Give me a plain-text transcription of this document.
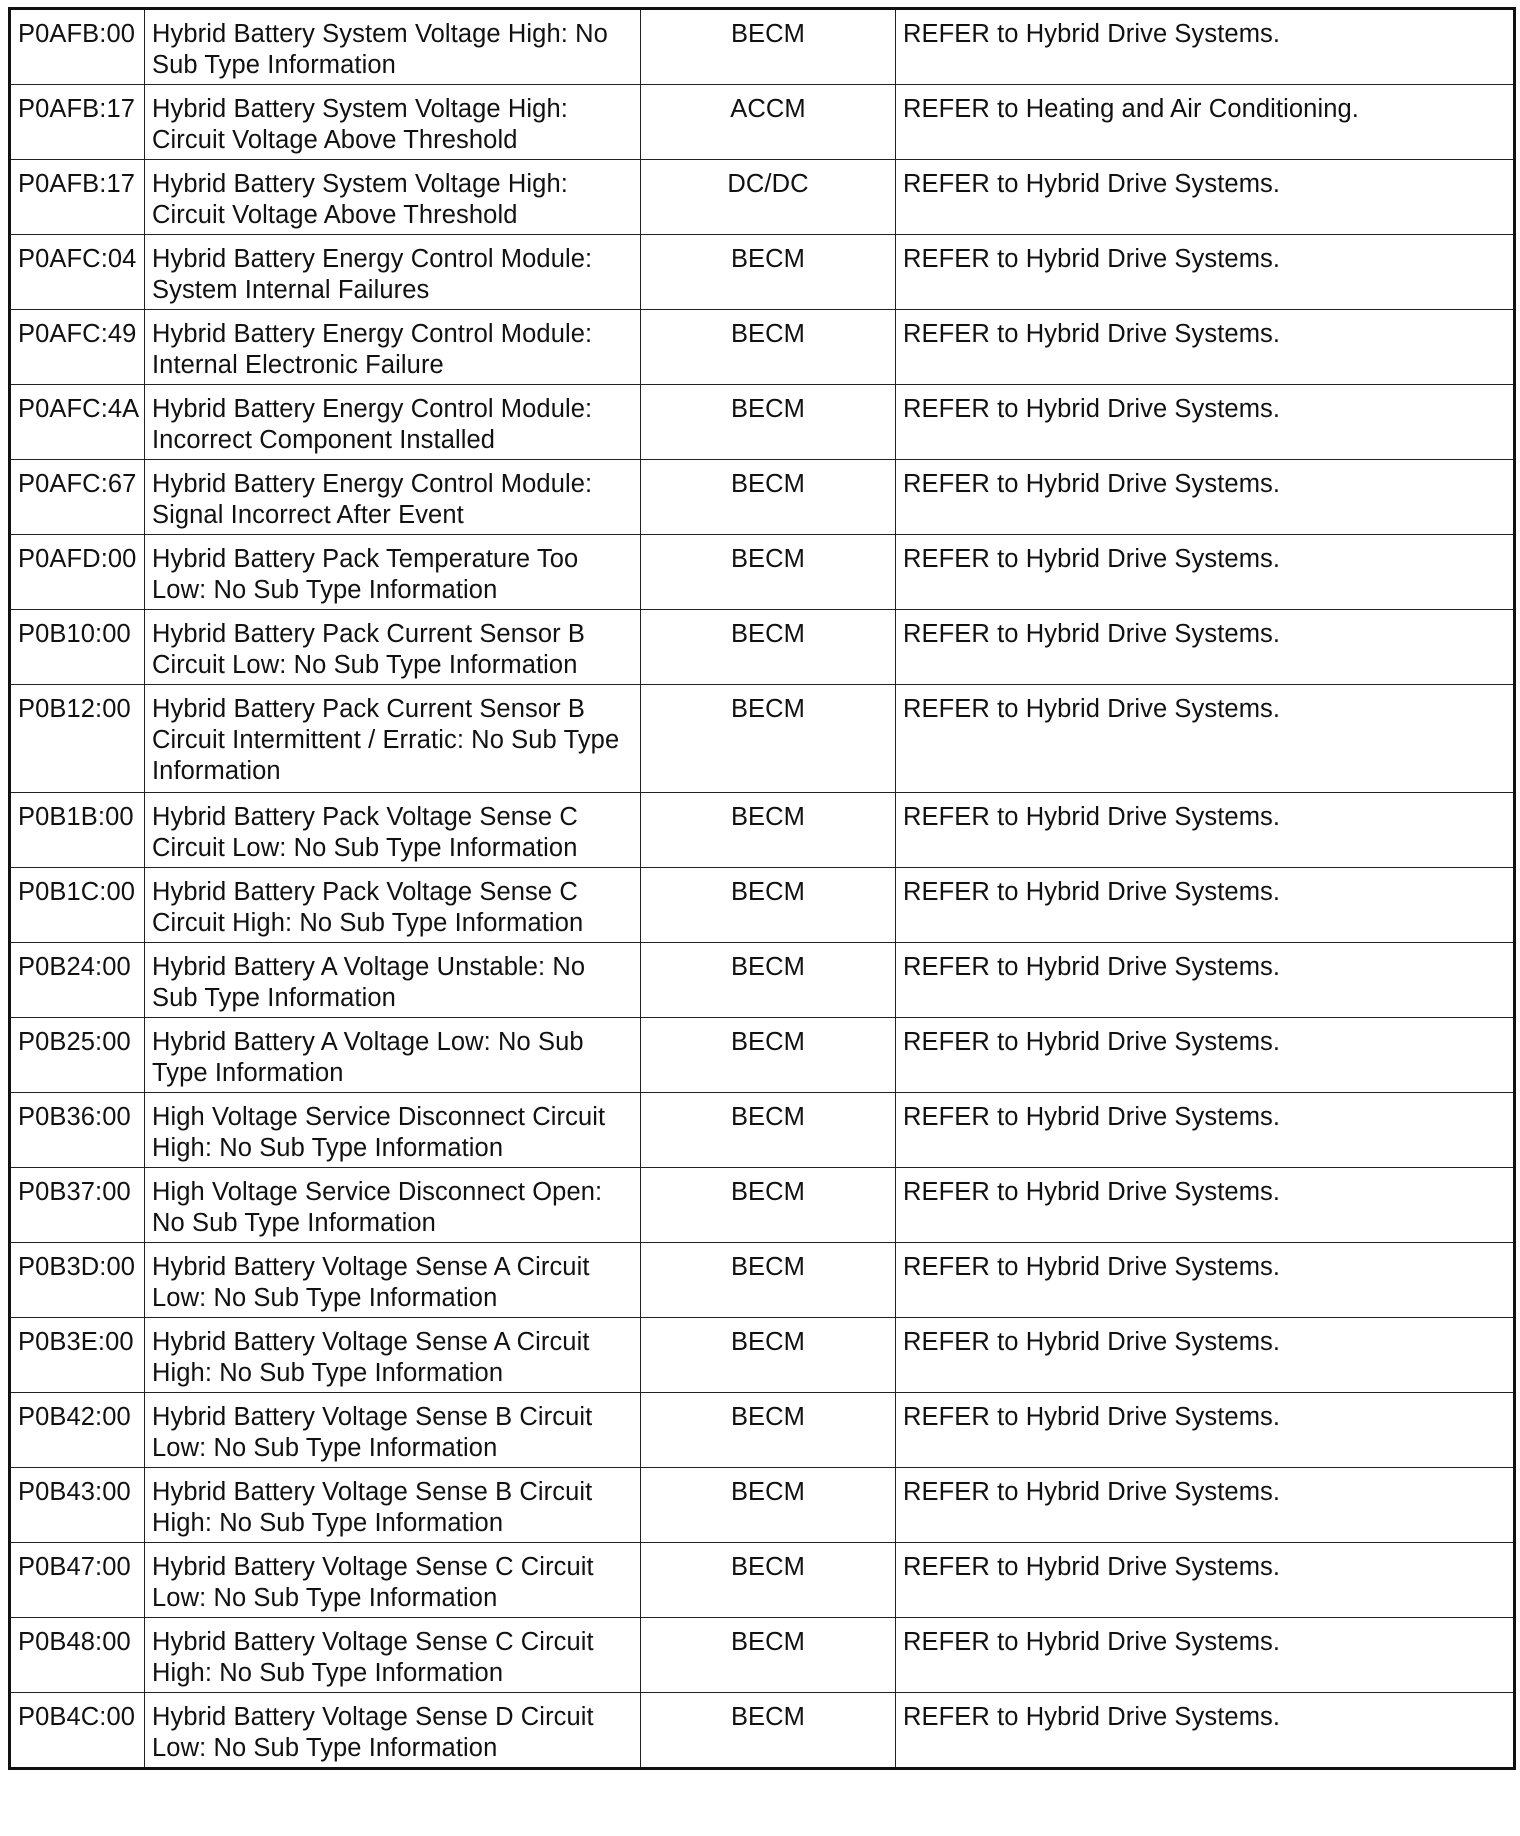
P0AFB:00	Hybrid Battery System Voltage High: No Sub Type Information	BECM	REFER to Hybrid Drive Systems.
P0AFB:17	Hybrid Battery System Voltage High: Circuit Voltage Above Threshold	ACCM	REFER to Heating and Air Conditioning.
P0AFB:17	Hybrid Battery System Voltage High: Circuit Voltage Above Threshold	DC/DC	REFER to Hybrid Drive Systems.
P0AFC:04	Hybrid Battery Energy Control Module: System Internal Failures	BECM	REFER to Hybrid Drive Systems.
P0AFC:49	Hybrid Battery Energy Control Module: Internal Electronic Failure	BECM	REFER to Hybrid Drive Systems.
P0AFC:4A	Hybrid Battery Energy Control Module: Incorrect Component Installed	BECM	REFER to Hybrid Drive Systems.
P0AFC:67	Hybrid Battery Energy Control Module: Signal Incorrect After Event	BECM	REFER to Hybrid Drive Systems.
P0AFD:00	Hybrid Battery Pack Temperature Too Low: No Sub Type Information	BECM	REFER to Hybrid Drive Systems.
P0B10:00	Hybrid Battery Pack Current Sensor B Circuit Low: No Sub Type Information	BECM	REFER to Hybrid Drive Systems.
P0B12:00	Hybrid Battery Pack Current Sensor B Circuit Intermittent / Erratic: No Sub Type Information	BECM	REFER to Hybrid Drive Systems.
P0B1B:00	Hybrid Battery Pack Voltage Sense C Circuit Low: No Sub Type Information	BECM	REFER to Hybrid Drive Systems.
P0B1C:00	Hybrid Battery Pack Voltage Sense C Circuit High: No Sub Type Information	BECM	REFER to Hybrid Drive Systems.
P0B24:00	Hybrid Battery A Voltage Unstable: No Sub Type Information	BECM	REFER to Hybrid Drive Systems.
P0B25:00	Hybrid Battery A Voltage Low: No Sub Type Information	BECM	REFER to Hybrid Drive Systems.
P0B36:00	High Voltage Service Disconnect Circuit High: No Sub Type Information	BECM	REFER to Hybrid Drive Systems.
P0B37:00	High Voltage Service Disconnect Open: No Sub Type Information	BECM	REFER to Hybrid Drive Systems.
P0B3D:00	Hybrid Battery Voltage Sense A Circuit Low: No Sub Type Information	BECM	REFER to Hybrid Drive Systems.
P0B3E:00	Hybrid Battery Voltage Sense A Circuit High: No Sub Type Information	BECM	REFER to Hybrid Drive Systems.
P0B42:00	Hybrid Battery Voltage Sense B Circuit Low: No Sub Type Information	BECM	REFER to Hybrid Drive Systems.
P0B43:00	Hybrid Battery Voltage Sense B Circuit High: No Sub Type Information	BECM	REFER to Hybrid Drive Systems.
P0B47:00	Hybrid Battery Voltage Sense C Circuit Low: No Sub Type Information	BECM	REFER to Hybrid Drive Systems.
P0B48:00	Hybrid Battery Voltage Sense C Circuit High: No Sub Type Information	BECM	REFER to Hybrid Drive Systems.
P0B4C:00	Hybrid Battery Voltage Sense D Circuit Low: No Sub Type Information	BECM	REFER to Hybrid Drive Systems.
